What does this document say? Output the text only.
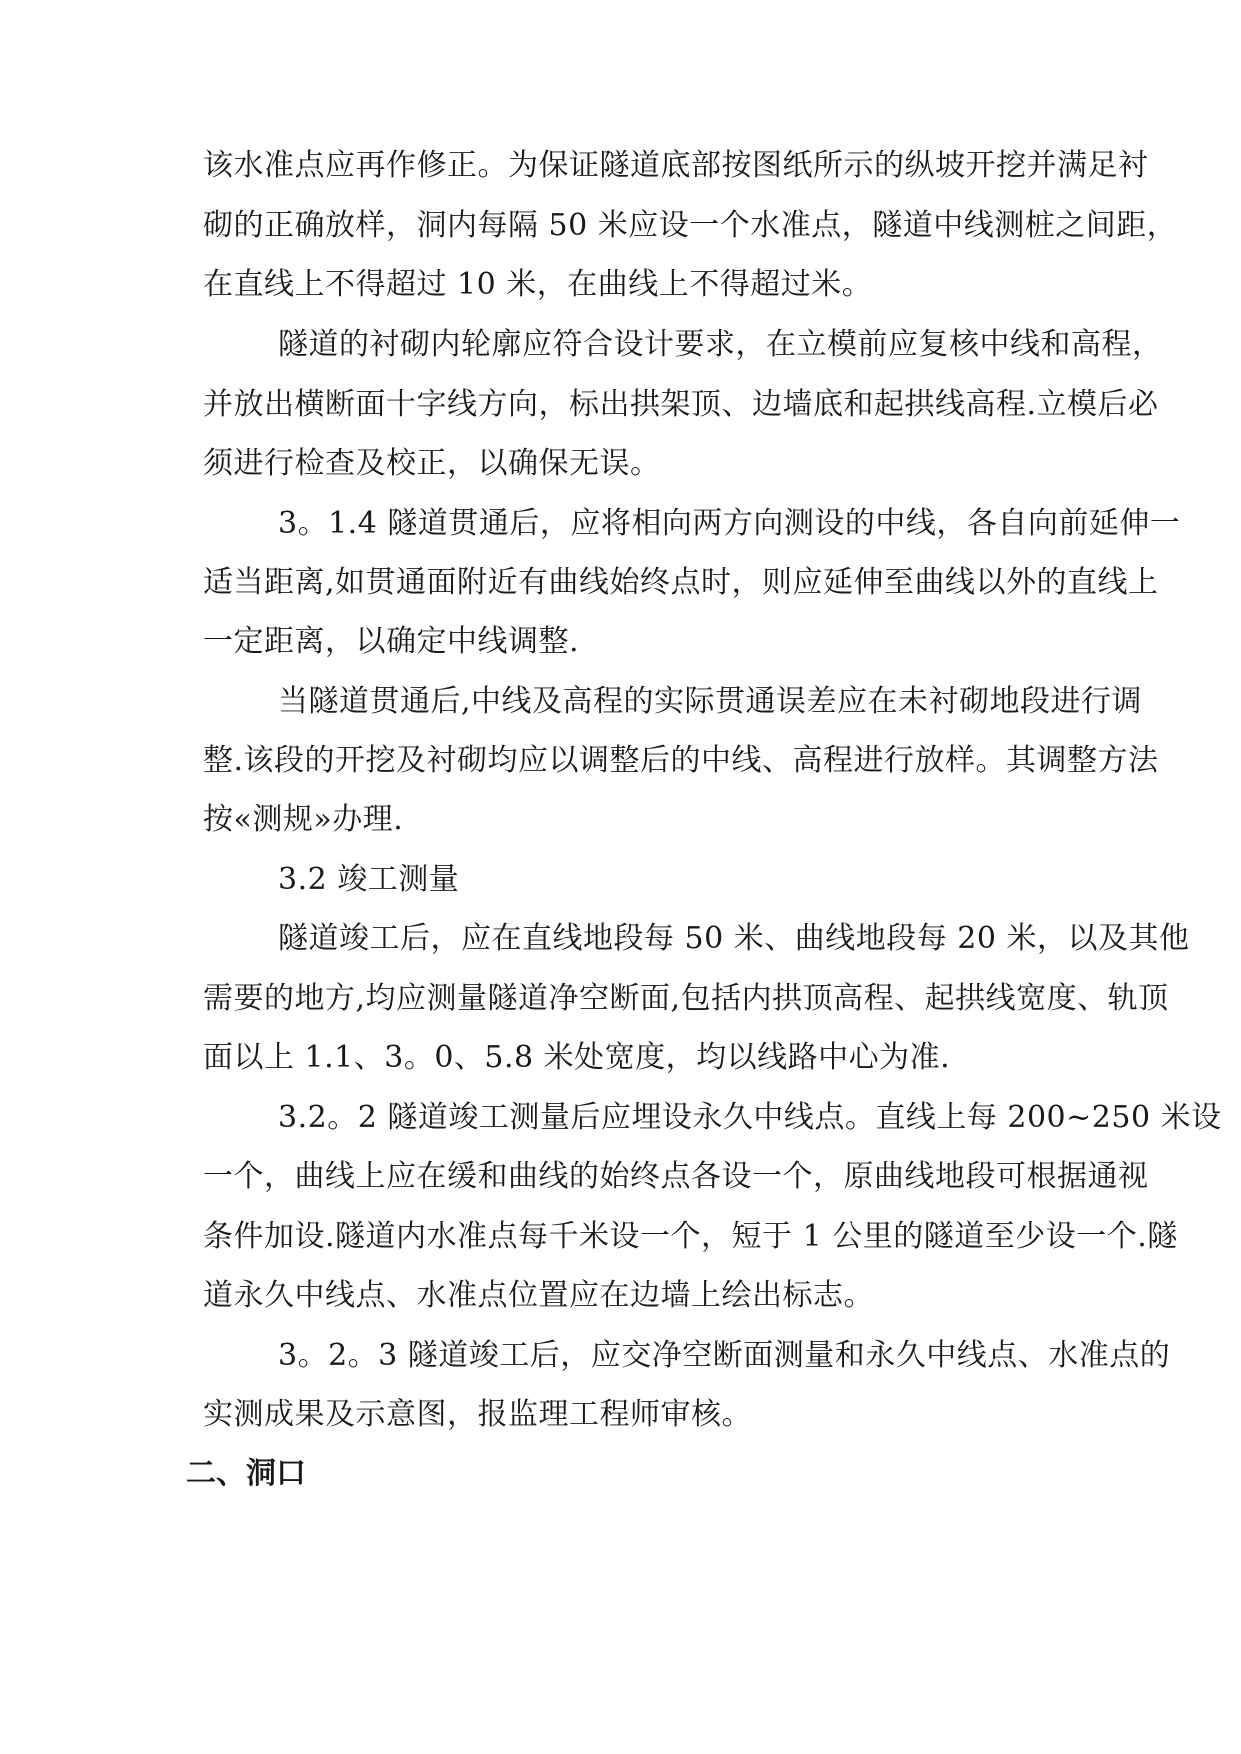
该水准点应再作修正。为保证隧道底部按图纸所示的纵坡开挖并满足衬

砌的正确放样，洞内每隔 50 米应设一个水准点，隧道中线测桩之间距，

在直线上不得超过 10 米，在曲线上不得超过米。

隧道的衬砌内轮廓应符合设计要求，在立模前应复核中线和高程，

并放出横断面十字线方向，标出拱架顶、边墙底和起拱线高程.立模后必

须进行检查及校正，以确保无误。

3。1.4 隧道贯通后，应将相向两方向测设的中线，各自向前延伸一

适当距离,如贯通面附近有曲线始终点时，则应延伸至曲线以外的直线上

一定距离，以确定中线调整.

当隧道贯通后,中线及高程的实际贯通误差应在未衬砌地段进行调

整.该段的开挖及衬砌均应以调整后的中线、高程进行放样。其调整方法

按«测规»办理.

3.2 竣工测量

隧道竣工后，应在直线地段每 50 米、曲线地段每 20 米，以及其他

需要的地方,均应测量隧道净空断面,包括内拱顶高程、起拱线宽度、轨顶

面以上 1.1、3。0、5.8 米处宽度，均以线路中心为准.

3.2。2 隧道竣工测量后应埋设永久中线点。直线上每 200~250 米设

一个，曲线上应在缓和曲线的始终点各设一个，原曲线地段可根据通视

条件加设.隧道内水准点每千米设一个，短于 1 公里的隧道至少设一个.隧

道永久中线点、水准点位置应在边墙上绘出标志。

3。2。3 隧道竣工后，应交净空断面测量和永久中线点、水准点的

实测成果及示意图，报监理工程师审核。

二、洞口
